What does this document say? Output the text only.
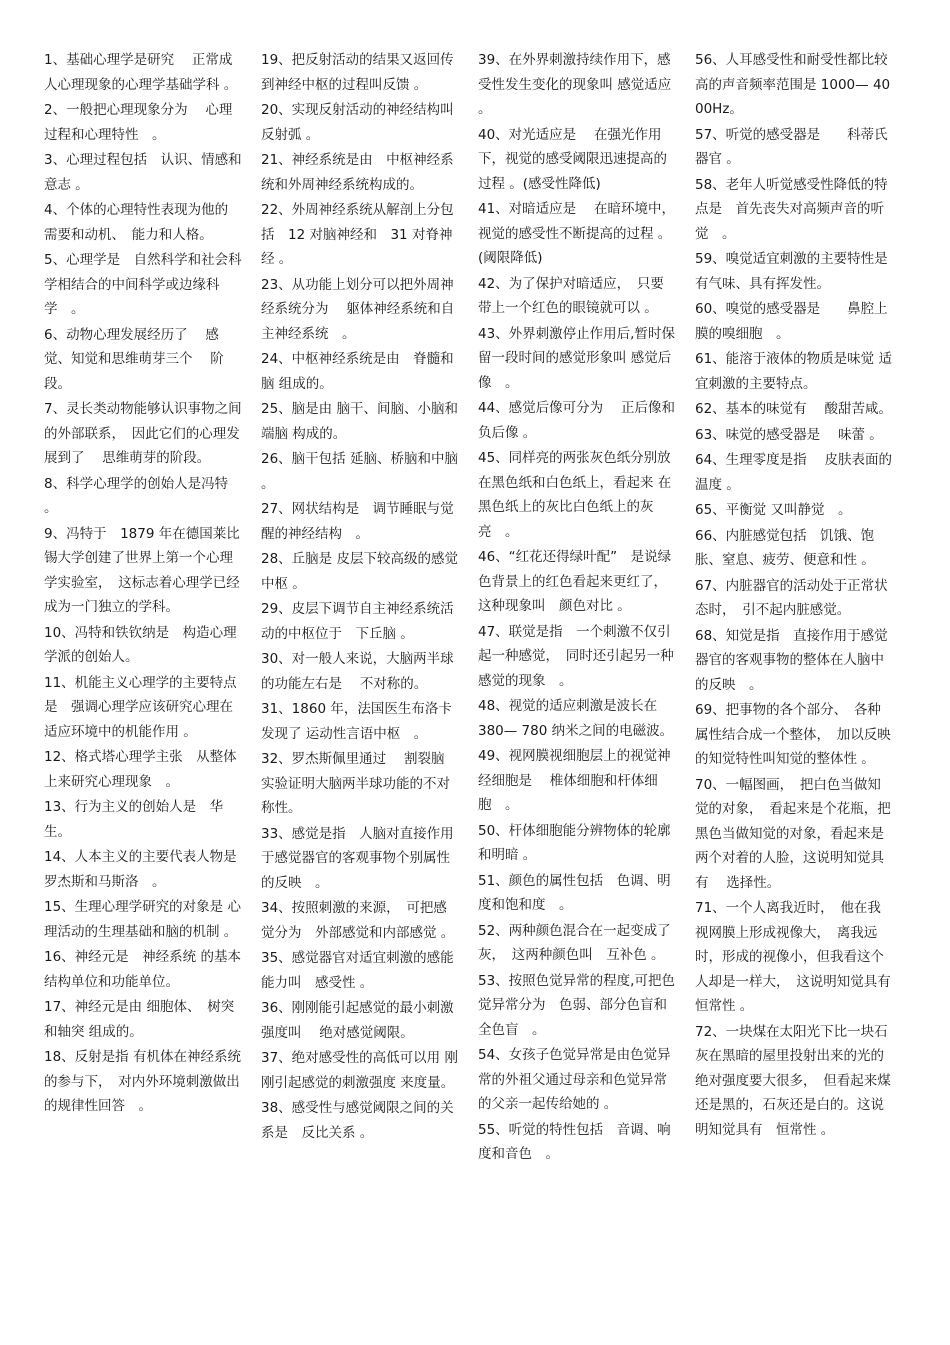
1、基础心理学是研究　 正常成人心理现象的心理学基础学科 。

2、一般把心理现象分为　 心理过程和心理特性　。

3、心理过程包括　认识、情感和意志 。

4、个体的心理特性表现为他的 需要和动机、　能力和人格。

5、心理学是　自然科学和社会科学相结合的中间科学或边缘科学　。

6、动物心理发展经历了　 感觉、知觉和思维萌芽三个　 阶段。

7、灵长类动物能够认识事物之间的外部联系，　因此它们的心理发展到了　 思维萌芽的阶段。

8、科学心理学的创始人是冯特 。

9、冯特于　1879 年在德国莱比锡大学创建了世界上第一个心理学实验室，　这标志着心理学已经成为一门独立的学科。

10、冯特和铁钦纳是　构造心理学派的创始人。

11、机能主义心理学的主要特点是　强调心理学应该研究心理在适应环境中的机能作用 。

12、格式塔心理学主张　从整体上来研究心理现象　。

13、行为主义的创始人是　华生。

14、人本主义的主要代表人物是 罗杰斯和马斯洛　。

15、生理心理学研究的对象是 心理活动的生理基础和脑的机制 。

16、神经元是　神经系统 的基本结构单位和功能单位。

17、神经元是由 细胞体、　树突和轴突 组成的。

18、反射是指 有机体在神经系统的参与下，　对内外环境刺激做出的规律性回答　。

19、把反射活动的结果又返回传到神经中枢的过程叫反馈 。

20、实现反射活动的神经结构叫 反射弧 。

21、神经系统是由　中枢神经系统和外周神经系统构成的。

22、外周神经系统从解剖上分包括　12 对脑神经和　31 对脊神经 。

23、从功能上划分可以把外周神经系统分为　 躯体神经系统和自主神经系统　。

24、中枢神经系统是由　脊髓和脑 组成的。

25、脑是由 脑干、间脑、小脑和端脑 构成的。

26、脑干包括 延脑、桥脑和中脑 。

27、网状结构是　调节睡眠与觉醒的神经结构　。

28、丘脑是 皮层下较高级的感觉中枢 。

29、皮层下调节自主神经系统活动的中枢位于　下丘脑 。

30、对一般人来说，大脑两半球的功能左右是　 不对称的。

31、1860 年，法国医生布洛卡发现了 运动性言语中枢　。

32、罗杰斯佩里通过　 割裂脑 实验证明大脑两半球功能的不对称性。

33、感觉是指　人脑对直接作用于感觉器官的客观事物个别属性的反映　。

34、按照刺激的来源，　可把感觉分为　外部感觉和内部感觉 。

35、感觉器官对适宜刺激的感能能力叫　感受性 。

36、刚刚能引起感觉的最小刺激强度叫　 绝对感觉阈限。

37、绝对感受性的高低可以用 刚刚引起感觉的刺激强度 来度量。

38、感受性与感觉阈限之间的关系是　反比关系 。

39、在外界刺激持续作用下，感受性发生变化的现象叫 感觉适应 。

40、对光适应是　 在强光作用下，视觉的感受阈限迅速提高的过程 。(感受性降低)

41、对暗适应是　 在暗环境中，视觉的感受性不断提高的过程 。(阈限降低)

42、为了保护对暗适应，　只要带上一个红色的眼镜就可以 。

43、外界刺激停止作用后,暂时保留一段时间的感觉形象叫 感觉后像　。

44、感觉后像可分为　 正后像和负后像 。

45、同样亮的两张灰色纸分别放在黑色纸和白色纸上，看起来 在黑色纸上的灰比白色纸上的灰亮　。

46、“红花还得绿叶配”　是说绿色背景上的红色看起来更红了，　这种现象叫　颜色对比 。

47、联觉是指　一个刺激不仅引起一种感觉，　同时还引起另一种感觉的现象　。

48、视觉的适应刺激是波长在　380— 780 纳米之间的电磁波。

49、视网膜视细胞层上的视觉神经细胞是　 椎体细胞和杆体细胞　。

50、杆体细胞能分辨物体的轮廓和明暗 。

51、颜色的属性包括　色调、明度和饱和度　。

52、两种颜色混合在一起变成了灰，　这两种颜色叫　互补色 。

53、按照色觉异常的程度,可把色觉异常分为　色弱、部分色盲和全色盲　。

54、女孩子色觉异常是由色觉异常的外祖父通过母亲和色觉异常的父亲一起传给她的 。

55、听觉的特性包括　音调、响度和音色　。

56、人耳感受性和耐受性都比较高的声音频率范围是 1000— 4000Hz。

57、听觉的感受器是　　科蒂氏器官 。

58、老年人听觉感受性降低的特点是　首先丧失对高频声音的听觉　。

59、嗅觉适宜刺激的主要特性是 有气味、具有挥发性。

60、嗅觉的感受器是　　鼻腔上膜的嗅细胞　。

61、能溶于液体的物质是味觉 适宜刺激的主要特点。

62、基本的味觉有　 酸甜苦咸。

63、味觉的感受器是　 味蕾 。

64、生理零度是指　 皮肤表面的温度 。

65、平衡觉 又叫静觉　。

66、内脏感觉包括　饥饿、饱胀、窒息、疲劳、便意和性 。

67、内脏器官的活动处于正常状态时，　引不起内脏感觉。

68、知觉是指　直接作用于感觉器官的客观事物的整体在人脑中的反映　。

69、把事物的各个部分、　各种属性结合成一个整体，　加以反映的知觉特性叫知觉的整体性 。

70、一幅图画，　把白色当做知觉的对象，　看起来是个花瓶，把黑色当做知觉的对象，看起来是两个对着的人脸，这说明知觉具有　 选择性。

71、一个人离我近时，　他在我视网膜上形成视像大，　离我远时，形成的视像小，但我看这个人却是一样大，　这说明知觉具有　恒常性 。

72、一块煤在太阳光下比一块石灰在黑暗的屋里投射出来的光的绝对强度要大很多，　但看起来煤还是黑的，石灰还是白的。这说明知觉具有　恒常性 。
